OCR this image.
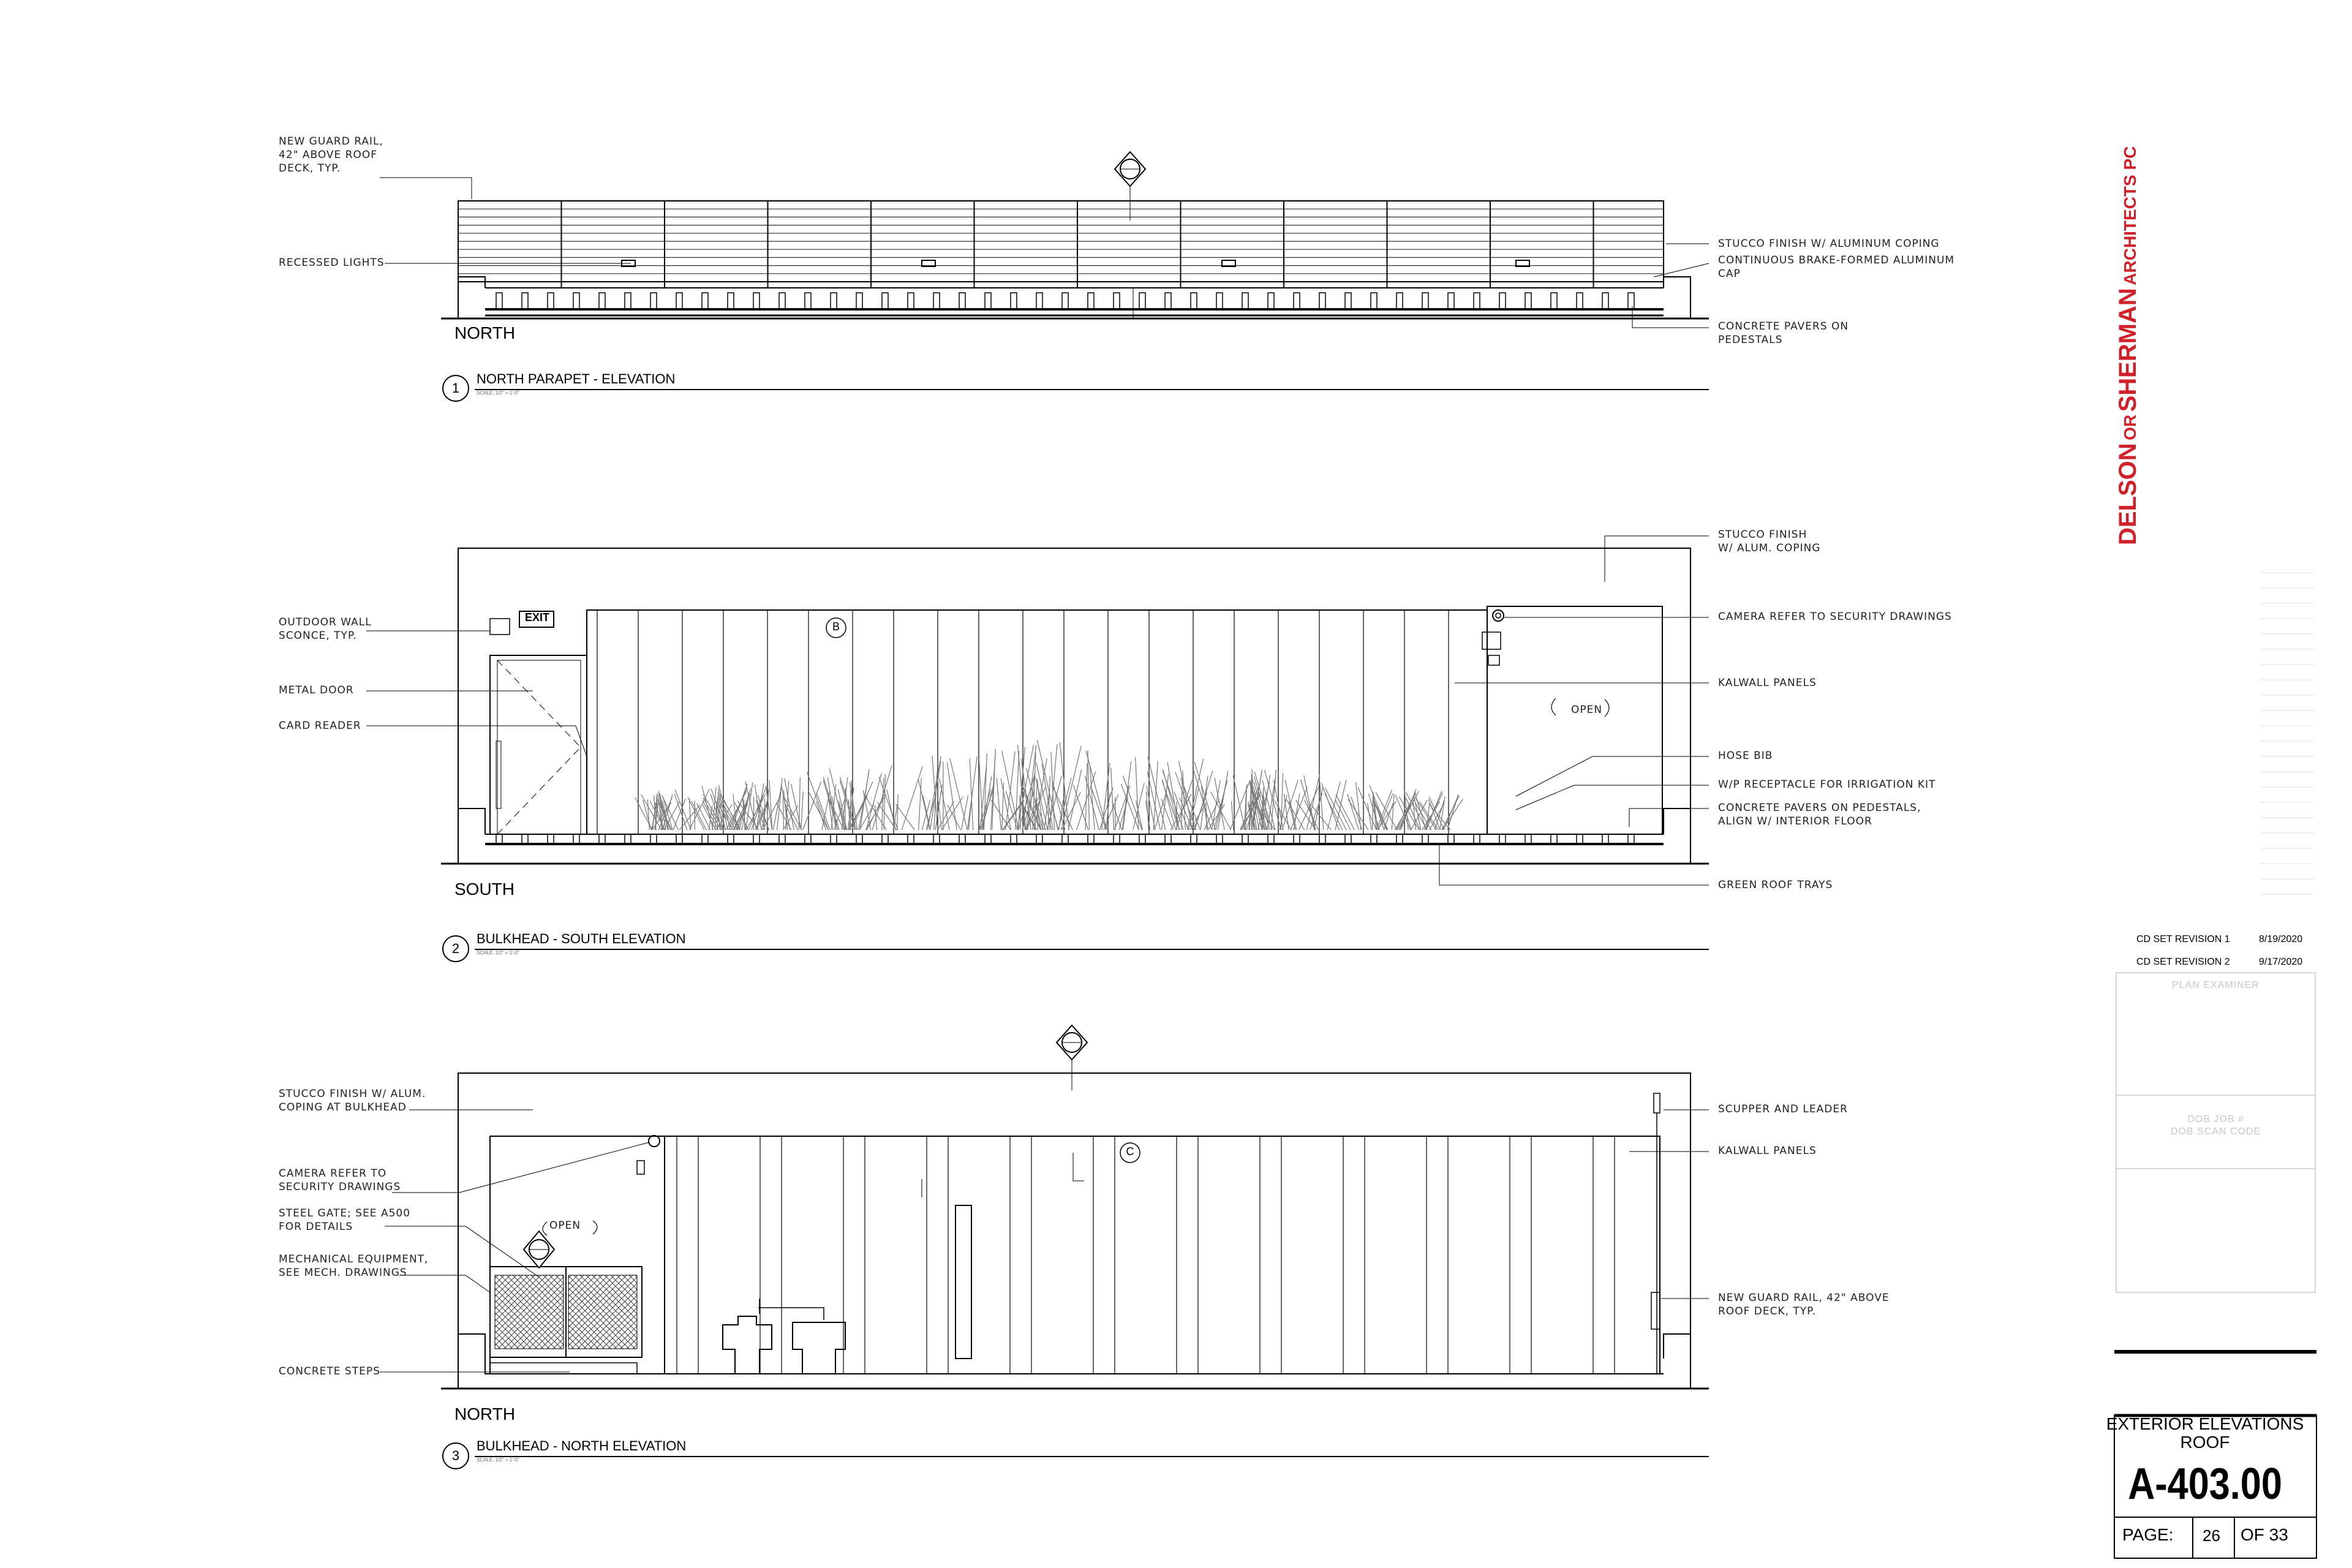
DELSON OR SHERMAN ARCHITECTS PC
NEW GUARD RAIL,
42" ABOVE ROOF
DECK, TYP.
RECESSED LIGHTS
STUCCO FINISH W/ ALUMINUM COPING
CONTINUOUS BRAKE-FORMED ALUMINUM
CAP
CONCRETE PAVERS ON
PEDESTALS
NORTH
1
NORTH PARAPET - ELEVATION
SCALE: 1/2" = 1'-0"
STUCCO FINISH
W/ ALUM. COPING
OUTDOOR WALL
SCONCE, TYP.
METAL DOOR
CARD READER
CAMERA REFER TO SECURITY DRAWINGS
KALWALL PANELS
HOSE BIB
W/P RECEPTACLE FOR IRRIGATION KIT
CONCRETE PAVERS ON PEDESTALS,
ALIGN W/ INTERIOR FLOOR
GREEN ROOF TRAYS
EXIT
B
OPEN
SOUTH
2
BULKHEAD - SOUTH ELEVATION
SCALE: 1/2" = 1'-0"
STUCCO FINISH W/ ALUM.
COPING AT BULKHEAD
CAMERA REFER TO
SECURITY DRAWINGS
STEEL GATE; SEE A500
FOR DETAILS
MECHANICAL EQUIPMENT,
SEE MECH. DRAWINGS
CONCRETE STEPS
SCUPPER AND LEADER
KALWALL PANELS
NEW GUARD RAIL, 42" ABOVE
ROOF DECK, TYP.
C
OPEN
NORTH
3
BULKHEAD - NORTH ELEVATION
SCALE: 1/2" = 1'-0"
CD SET REVISION 1	8/19/2020
CD SET REVISION 2	9/17/2020
PLAN EXAMINER
DOB JOB #
DOB SCAN CODE
EXTERIOR ELEVATIONS
ROOF
A-403.00
PAGE: 26 OF 33
